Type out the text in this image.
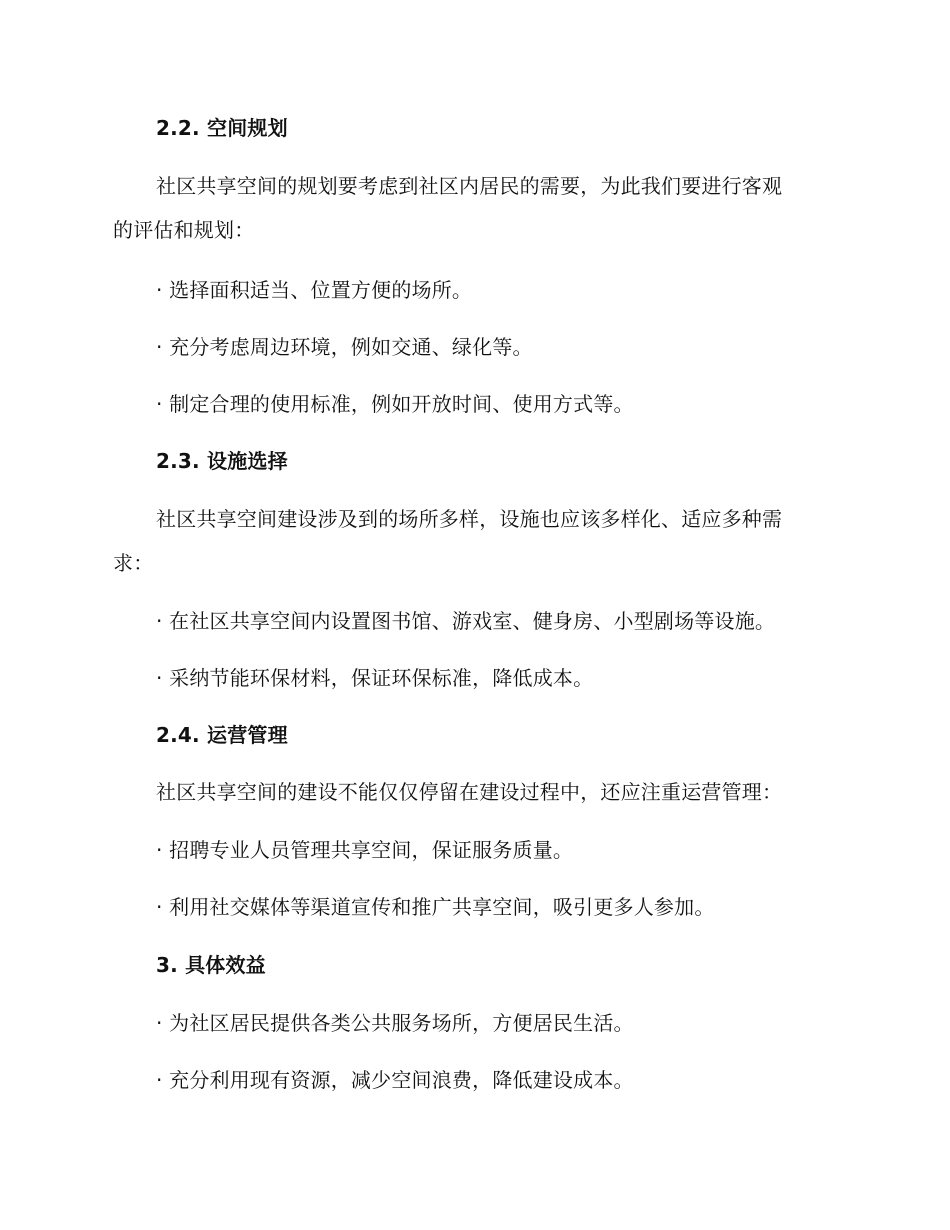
2.2. 空间规划
社区共享空间的规划要考虑到社区内居民的需要，为此我们要进行客观
的评估和规划：
· 选择面积适当、位置方便的场所。
· 充分考虑周边环境，例如交通、绿化等。
· 制定合理的使用标准，例如开放时间、使用方式等。
2.3. 设施选择
社区共享空间建设涉及到的场所多样，设施也应该多样化、适应多种需
求：
· 在社区共享空间内设置图书馆、游戏室、健身房、小型剧场等设施。
· 采纳节能环保材料，保证环保标准，降低成本。
2.4. 运营管理
社区共享空间的建设不能仅仅停留在建设过程中，还应注重运营管理：
· 招聘专业人员管理共享空间，保证服务质量。
· 利用社交媒体等渠道宣传和推广共享空间，吸引更多人参加。
3. 具体效益
· 为社区居民提供各类公共服务场所，方便居民生活。
· 充分利用现有资源，减少空间浪费，降低建设成本。
